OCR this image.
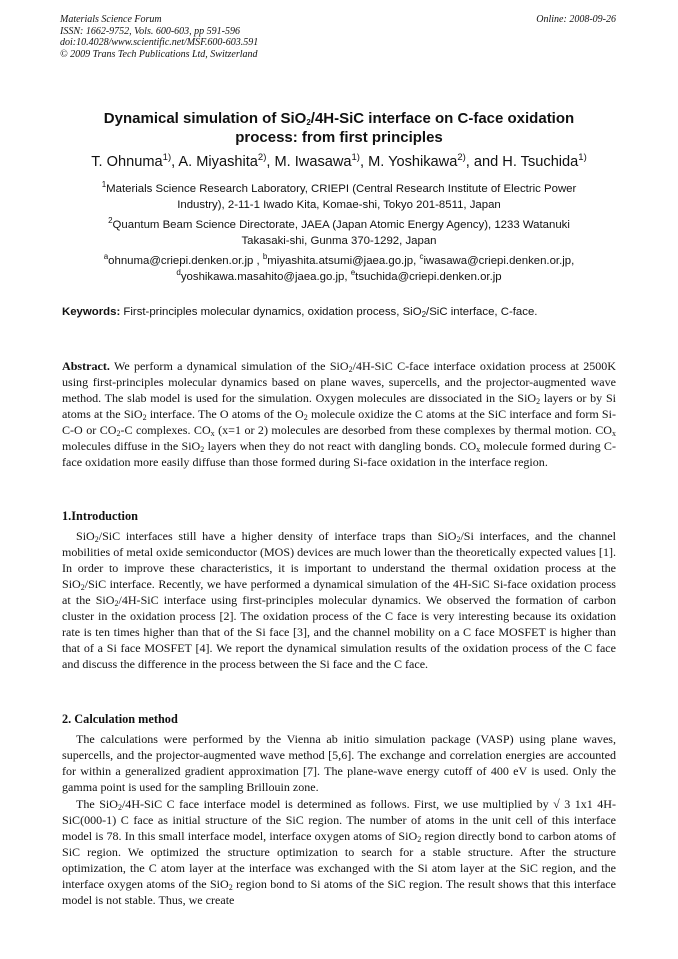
Materials Science Forum
ISSN: 1662-9752, Vols. 600-603, pp 591-596
doi:10.4028/www.scientific.net/MSF.600-603.591
© 2009 Trans Tech Publications Ltd, Switzerland
Online: 2008-09-26
Dynamical simulation of SiO$_2$/4H-SiC interface on C-face oxidation
process: from first principles
T. Ohnuma$^{1)}$, A. Miyashita$^{2)}$, M. Iwasawa$^{1)}$, M. Yoshikawa$^{2)}$, and H. Tsuchida$^{1)}$
$^1$Materials Science Research Laboratory, CRIEPI (Central Research Institute of Electric Power
Industry), 2-11-1 Iwado Kita, Komae-shi, Tokyo 201-8511, Japan
$^2$Quantum Beam Science Directorate, JAEA (Japan Atomic Energy Agency), 1233 Watanuki
Takasaki-shi, Gunma 370-1292, Japan
$^a$ohnuma@criepi.denken.or.jp , $^b$miyashita.atsumi@jaea.go.jp, $^c$iwasawa@criepi.denken.or.jp,
$^d$yoshikawa.masahito@jaea.go.jp, $^e$tsuchida@criepi.denken.or.jp
Keywords: First-principles molecular dynamics, oxidation process, SiO$_2$/SiC interface, C-face.
Abstract. We perform a dynamical simulation of the SiO$_2$/4H-SiC C-face interface oxidation process at 2500K using first-principles molecular dynamics based on plane waves, supercells, and the projector-augmented wave method. The slab model is used for the simulation. Oxygen molecules are dissociated in the SiO$_2$ layers or by Si atoms at the SiO$_2$ interface. The O atoms of the $O_2$ molecule oxidize the C atoms at the SiC interface and form Si-C-O or $CO_2-C$ complexes. $CO_x$ (x=1 or 2) molecules are desorbed from these complexes by thermal motion. $CO_x$ molecules diffuse in the SiO$_2$ layers when they do not react with dangling bonds. $CO_x$ molecule formed during C-face oxidation more easily diffuse than those formed during Si-face oxidation in the interface region.
1.Introduction
SiO$_2$/SiC interfaces still have a higher density of interface traps than SiO$_2$/Si interfaces, and the channel mobilities of metal oxide semiconductor (MOS) devices are much lower than the theoretically expected values [1]. In order to improve these characteristics, it is important to understand the thermal oxidation process at the SiO$_2$/SiC interface. Recently, we have performed a dynamical simulation of the 4H-SiC Si-face oxidation process at the SiO$_2$/4H-SiC interface using first-principles molecular dynamics. We observed the formation of carbon cluster in the oxidation process [2]. The oxidation process of the C face is very interesting because its oxidation rate is ten times higher than that of the Si face [3], and the channel mobility on a C face MOSFET is higher than that of a Si face MOSFET [4]. We report the dynamical simulation results of the oxidation process of the C face and discuss the difference in the process between the Si face and the C face.
2. Calculation method
The calculations were performed by the Vienna ab initio simulation package (VASP) using plane waves, supercells, and the projector-augmented wave method [5,6]. The exchange and correlation energies are accounted for within a generalized gradient approximation [7]. The plane-wave energy cutoff of 400 eV is used. Only the gamma point is used for the sampling Brillouin zone.
The SiO$_2$/4H-SiC C face interface model is determined as follows. First, we use multiplied by √ 3 1x1 4H-SiC(000-1) C face as initial structure of the SiC region. The number of atoms in the unit cell of this interface model is 78. In this small interface model, interface oxygen atoms of SiO$_2$ region directly bond to carbon atoms of SiC region. We optimized the structure optimization to search for a stable structure. After the structure optimization, the C atom layer at the interface was exchanged with the Si atom layer at the SiC region, and the interface oxygen atoms of the SiO$_2$ region bond to Si atoms of the SiC region. The result shows that this interface model is not stable. Thus, we create
